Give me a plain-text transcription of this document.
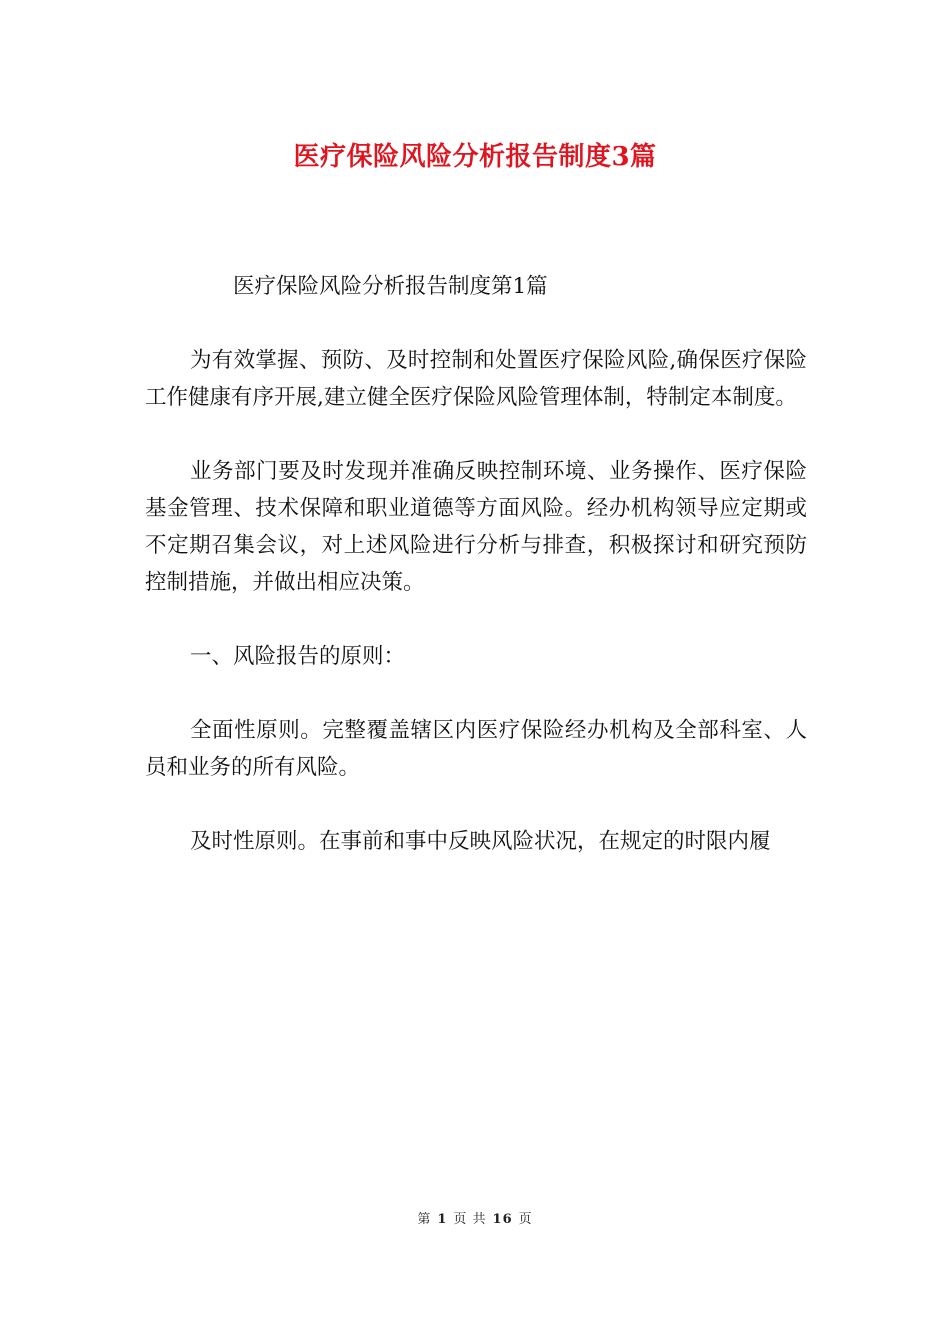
医疗保险风险分析报告制度3篇

医疗保险风险分析报告制度第1篇

为有效掌握、预防、及时控制和处置医疗保险风险,确保医疗保险工作健康有序开展,建立健全医疗保险风险管理体制，特制定本制度。

业务部门要及时发现并准确反映控制环境、业务操作、医疗保险基金管理、技术保障和职业道德等方面风险。经办机构领导应定期或不定期召集会议，对上述风险进行分析与排查，积极探讨和研究预防控制措施，并做出相应决策。

一、风险报告的原则：

全面性原则。完整覆盖辖区内医疗保险经办机构及全部科室、人员和业务的所有风险。

及时性原则。在事前和事中反映风险状况，在规定的时限内履

第 1 页 共 16 页
